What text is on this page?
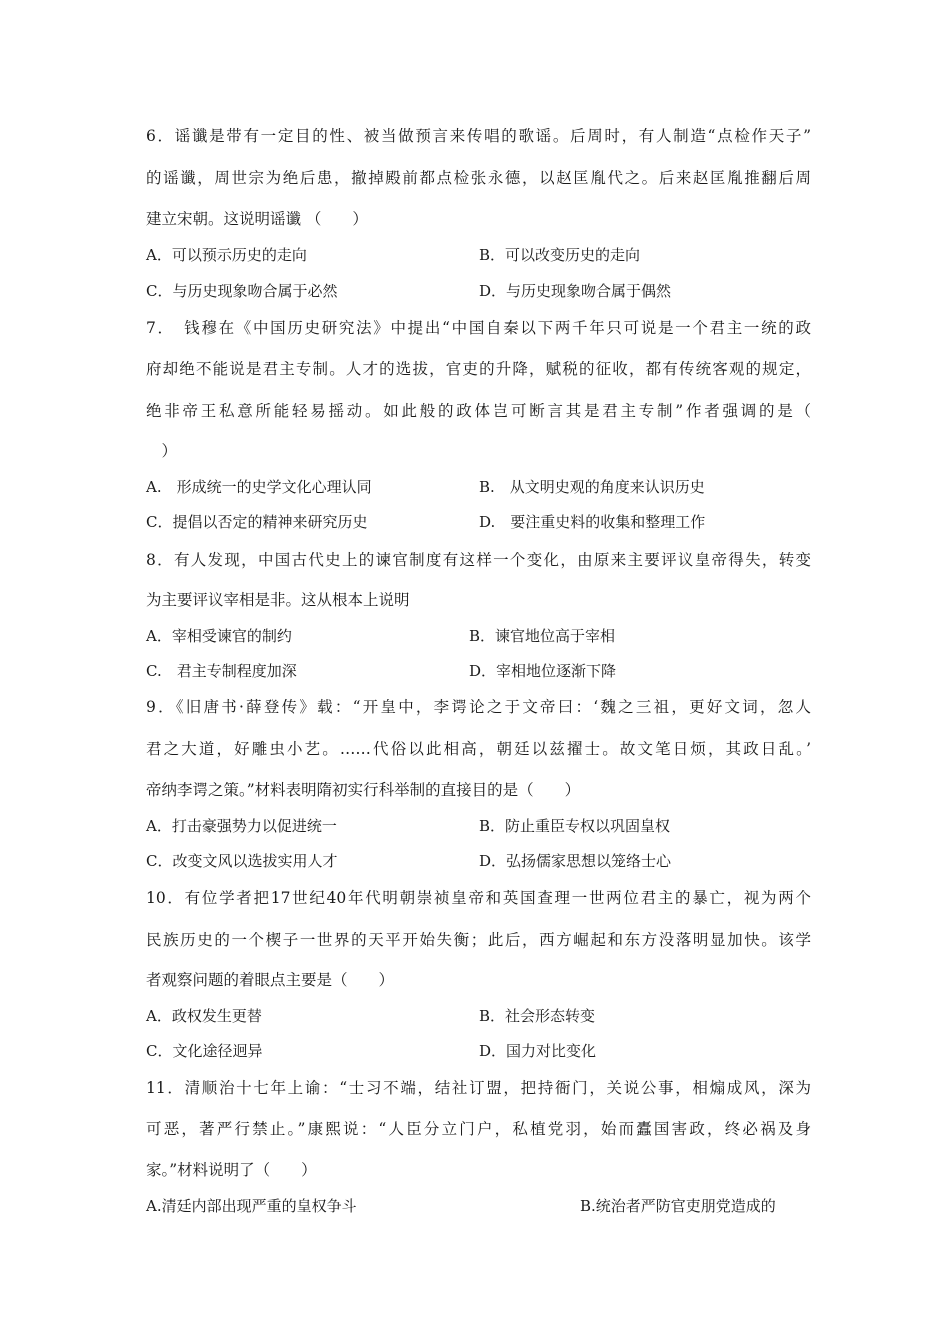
6．谣谶是带有一定目的性、被当做预言来传唱的歌谣。后周时，有人制造“点检作天子”
的谣谶，周世宗为绝后患，撤掉殿前都点检张永德，以赵匡胤代之。后来赵匡胤推翻后周
建立宋朝。这说明谣谶 （　　）
A．可以预示历史的走向	B．可以改变历史的走向
C．与历史现象吻合属于必然	D．与历史现象吻合属于偶然
7．　钱穆在《中国历史研究法》中提出“中国自秦以下两千年只可说是一个君主一统的政
府却绝不能说是君主专制。人才的选拔，官吏的升降，赋税的征收，都有传统客观的规定，
绝非帝王私意所能轻易摇动。如此般的政体岂可断言其是君主专制”作者强调的是（
　）
A.　形成统一的史学文化心理认同	B.　从文明史观的角度来认识历史
C．提倡以否定的精神来研究历史	D.　要注重史料的收集和整理工作
8．有人发现，中国古代史上的谏官制度有这样一个变化，由原来主要评议皇帝得失，转变
为主要评议宰相是非。这从根本上说明
A．宰相受谏官的制约	B．谏官地位高于宰相
C.　君主专制程度加深	D．宰相地位逐渐下降
9．《旧唐书·薛登传》载：“开皇中，李谔论之于文帝曰：‘魏之三祖，更好文词，忽人
君之大道，好雕虫小艺。……代俗以此相高，朝廷以兹擢士。故文笔日烦，其政日乱。’
帝纳李谔之策。”材料表明隋初实行科举制的直接目的是（　　）
A．打击豪强势力以促进统一	B．防止重臣专权以巩固皇权
C．改变文风以选拔实用人才	D．弘扬儒家思想以笼络士心
10．有位学者把17世纪40年代明朝崇祯皇帝和英国查理一世两位君主的暴亡，视为两个
民族历史的一个楔子一世界的天平开始失衡；此后，西方崛起和东方没落明显加快。该学
者观察问题的着眼点主要是（　　）
A．政权发生更替	B．社会形态转变
C．文化途径迥异	D．国力对比变化
11．清顺治十七年上谕：“士习不端，结社订盟，把持衙门，关说公事，相煽成风，深为
可恶，著严行禁止。”康熙说：“人臣分立门户，私植党羽，始而蠹国害政，终必祸及身
家。”材料说明了（　　）
A.清廷内部出现严重的皇权争斗	B.统治者严防官吏朋党造成的
